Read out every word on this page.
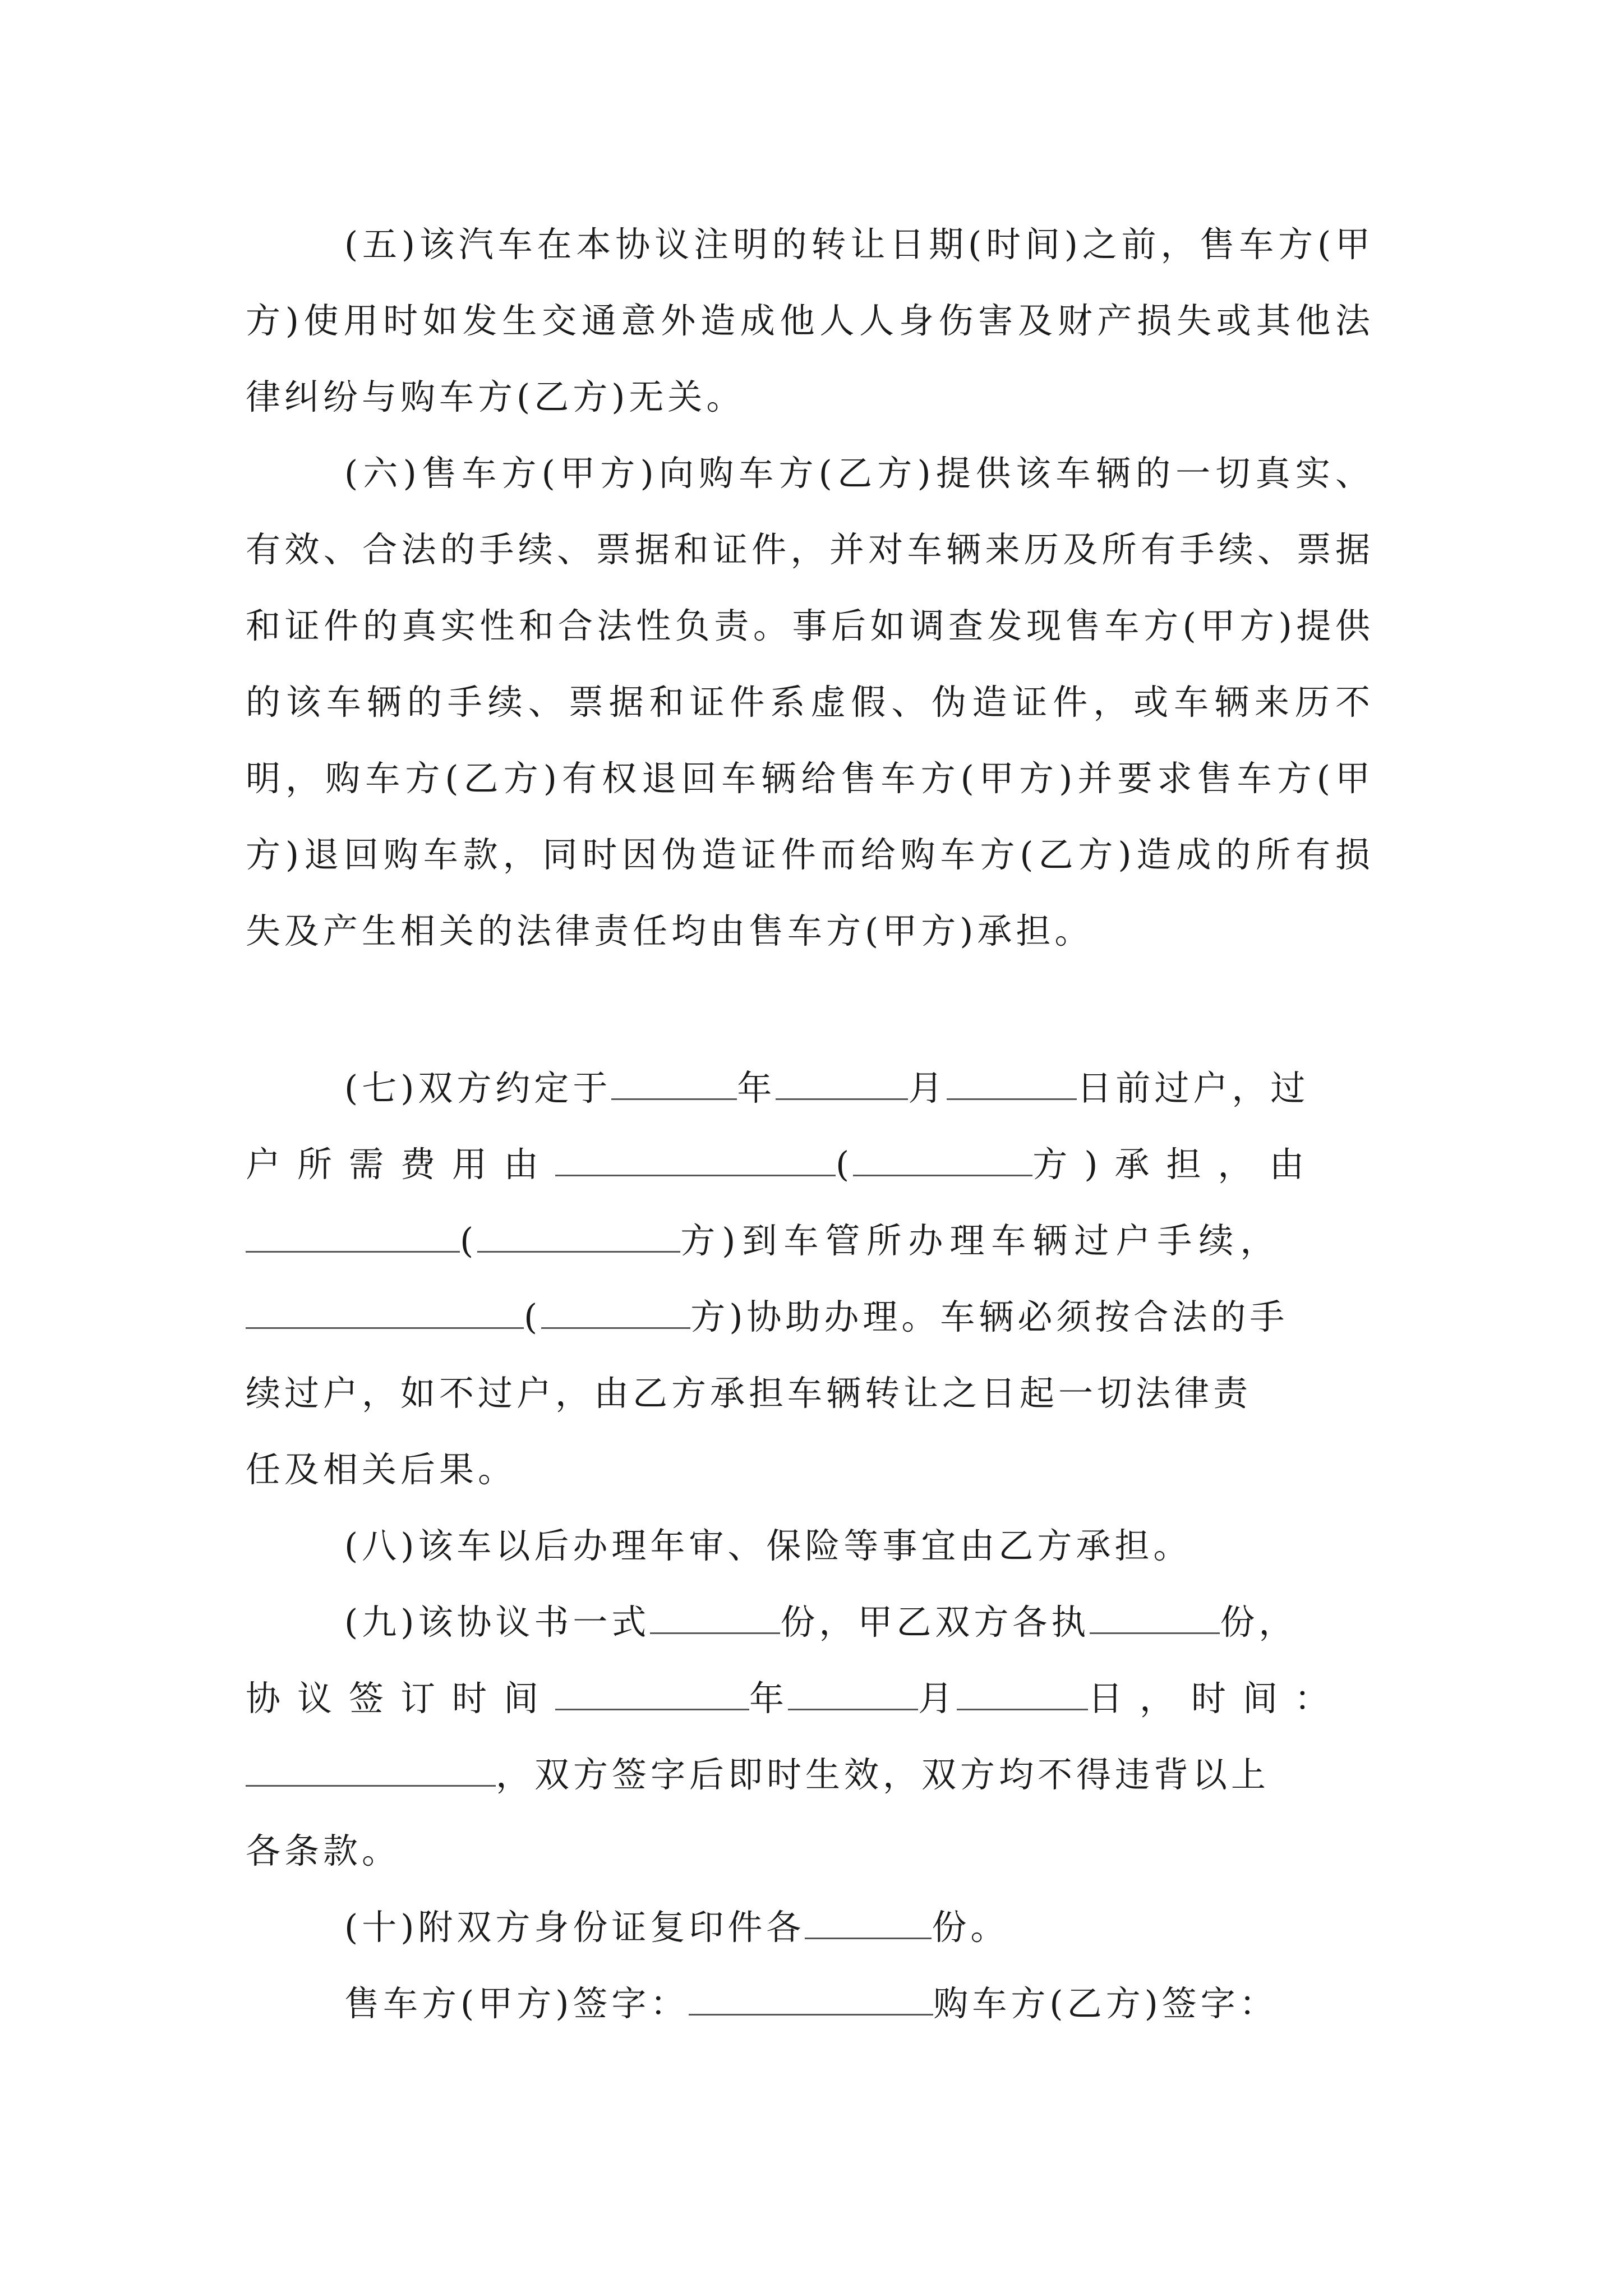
(五)该汽车在本协议注明的转让日期(时间)之前，售车方(甲方)使用时如发生交通意外造成他人人身伤害及财产损失或其他法律纠纷与购车方(乙方)无关。
(六)售车方(甲方)向购车方(乙方)提供该车辆的一切真实、有效、合法的手续、票据和证件，并对车辆来历及所有手续、票据和证件的真实性和合法性负责。事后如调查发现售车方(甲方)提供的该车辆的手续、票据和证件系虚假、伪造证件，或车辆来历不明，购车方(乙方)有权退回车辆给售车方(甲方)并要求售车方(甲方)退回购车款，同时因伪造证件而给购车方(乙方)造成的所有损失及产生相关的法律责任均由售车方(甲方)承担。
(七)双方约定于	年	月	日前过户，过
户所需费用由	(	方)承担，由
(	方)到车管所办理车辆过户手续，
(	方)协助办理。车辆必须按合法的手
续过户，如不过户，由乙方承担车辆转让之日起一切法律责
任及相关后果。
(八)该车以后办理年审、保险等事宜由乙方承担。
(九)该协议书一式	份，甲乙双方各执	份，
协议签订时间	年	月	日，时间：
，双方签字后即时生效，双方均不得违背以上
各条款。
(十)附双方身份证复印件各	份。
售车方(甲方)签字：	购车方(乙方)签字：
